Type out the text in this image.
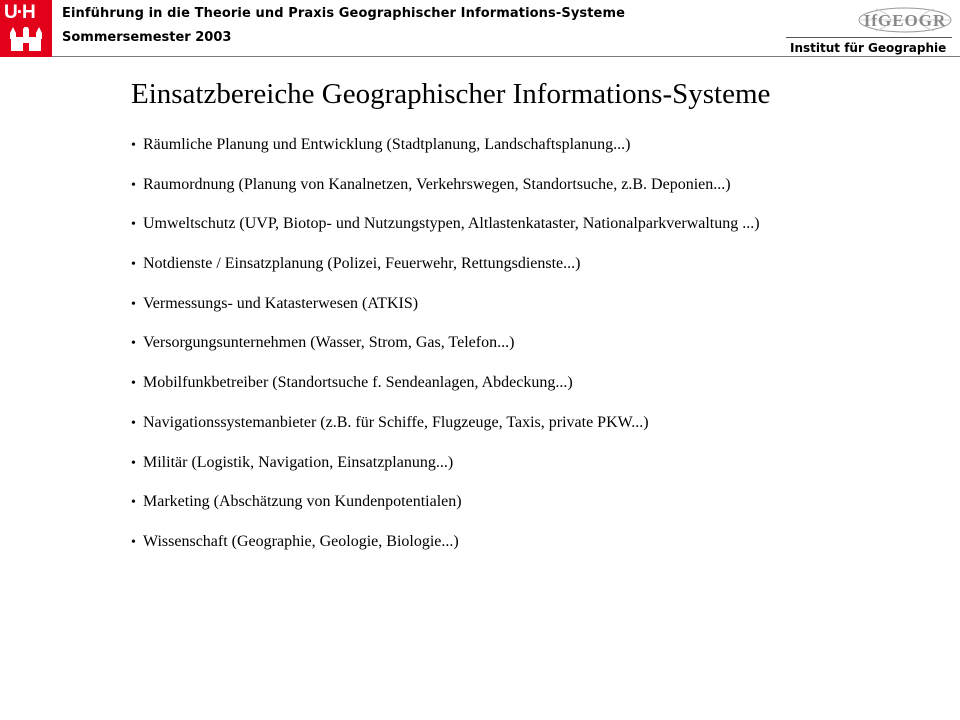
U·H Einführung in die Theorie und Praxis Geographischer Informations-Systeme
Sommersemester 2003
IfGEOGR
Institut für Geographie
Einsatzbereiche Geographischer Informations-Systeme
• Räumliche Planung und Entwicklung (Stadtplanung, Landschaftsplanung...)
• Raumordnung (Planung von Kanalnetzen, Verkehrswegen, Standortsuche, z.B. Deponien...)
• Umweltschutz (UVP, Biotop- und Nutzungstypen, Altlastenkataster, Nationalparkverwaltung ...)
• Notdienste / Einsatzplanung (Polizei, Feuerwehr, Rettungsdienste...)
• Vermessungs- und Katasterwesen (ATKIS)
• Versorgungsunternehmen (Wasser, Strom, Gas, Telefon...)
• Mobilfunkbetreiber (Standortsuche f. Sendeanlagen, Abdeckung...)
• Navigationssystemanbieter (z.B. für Schiffe, Flugzeuge, Taxis, private PKW...)
• Militär (Logistik, Navigation, Einsatzplanung...)
• Marketing (Abschätzung von Kundenpotentialen)
• Wissenschaft (Geographie, Geologie, Biologie...)
